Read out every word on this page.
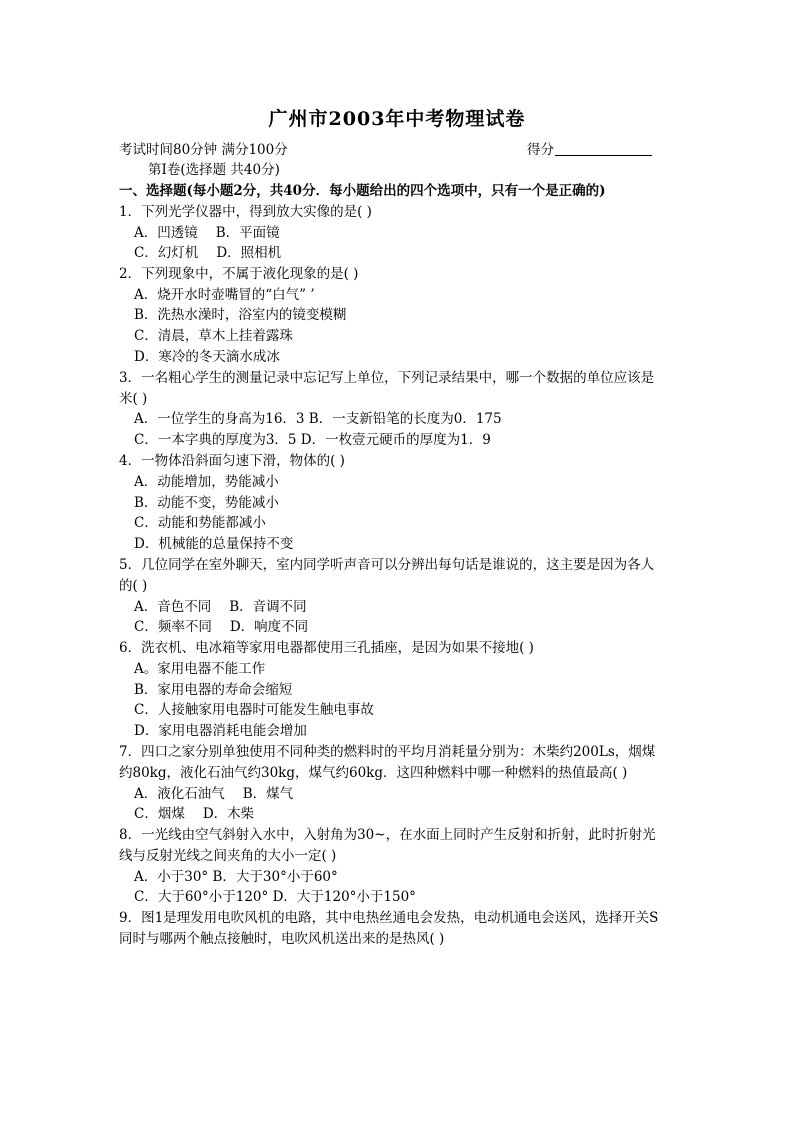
广州市2003年中考物理试卷
考试时间80分钟 满分100分	得分
第Ⅰ卷(选择题 共40分)
一、选择题(每小题2分，共40分．每小题给出的四个选项中，只有一个是正确的)
1．下列光学仪器中，得到放大实像的是( )
A．凹透镜 B．平面镜
C．幻灯机 D．照相机
2．下列现象中，不属于液化现象的是( )
A．烧开水时壶嘴冒的“白气” ’
B．洗热水澡时，浴室内的镜变模糊
C．清晨，草木上挂着露珠
D．寒冷的冬天滴水成冰
3．一名粗心学生的测量记录中忘记写上单位，下列记录结果中，哪一个数据的单位应该是
米( )
A．一位学生的身高为16．3 B．一支新铅笔的长度为0．175
C．一本字典的厚度为3．5 D．一枚壹元硬币的厚度为1．9
4．一物体沿斜面匀速下滑，物体的( )
A．动能增加，势能减小
B．动能不变，势能减小
C．动能和势能都减小
D．机械能的总量保持不变
5．几位同学在室外聊天，室内同学听声音可以分辨出每句话是谁说的，这主要是因为各人
的( )
A．音色不同 B．音调不同
C．频率不同 D．响度不同
6．洗衣机、电冰箱等家用电器都使用三孔插座，是因为如果不接地( )
A。家用电器不能工作
B．家用电器的寿命会缩短
C．人接触家用电器时可能发生触电事故
D．家用电器消耗电能会增加
7．四口之家分别单独使用不同种类的燃料时的平均月消耗量分别为：木柴约200Ls，烟煤
约80kg，液化石油气约30kg，煤气约60kg．这四种燃料中哪一种燃料的热值最高( )
A．液化石油气 B．煤气
C．烟煤 D．木柴
8．一光线由空气斜射入水中，入射角为30~，在水面上同时产生反射和折射，此时折射光
线与反射光线之间夹角的大小一定( )
A．小于30° B．大于30°小于60°
C．大于60°小于120° D．大于120°小于150°
9．图1是理发用电吹风机的电路，其中电热丝通电会发热，电动机通电会送风，选择开关S
同时与哪两个触点接触时，电吹风机送出来的是热风( )
